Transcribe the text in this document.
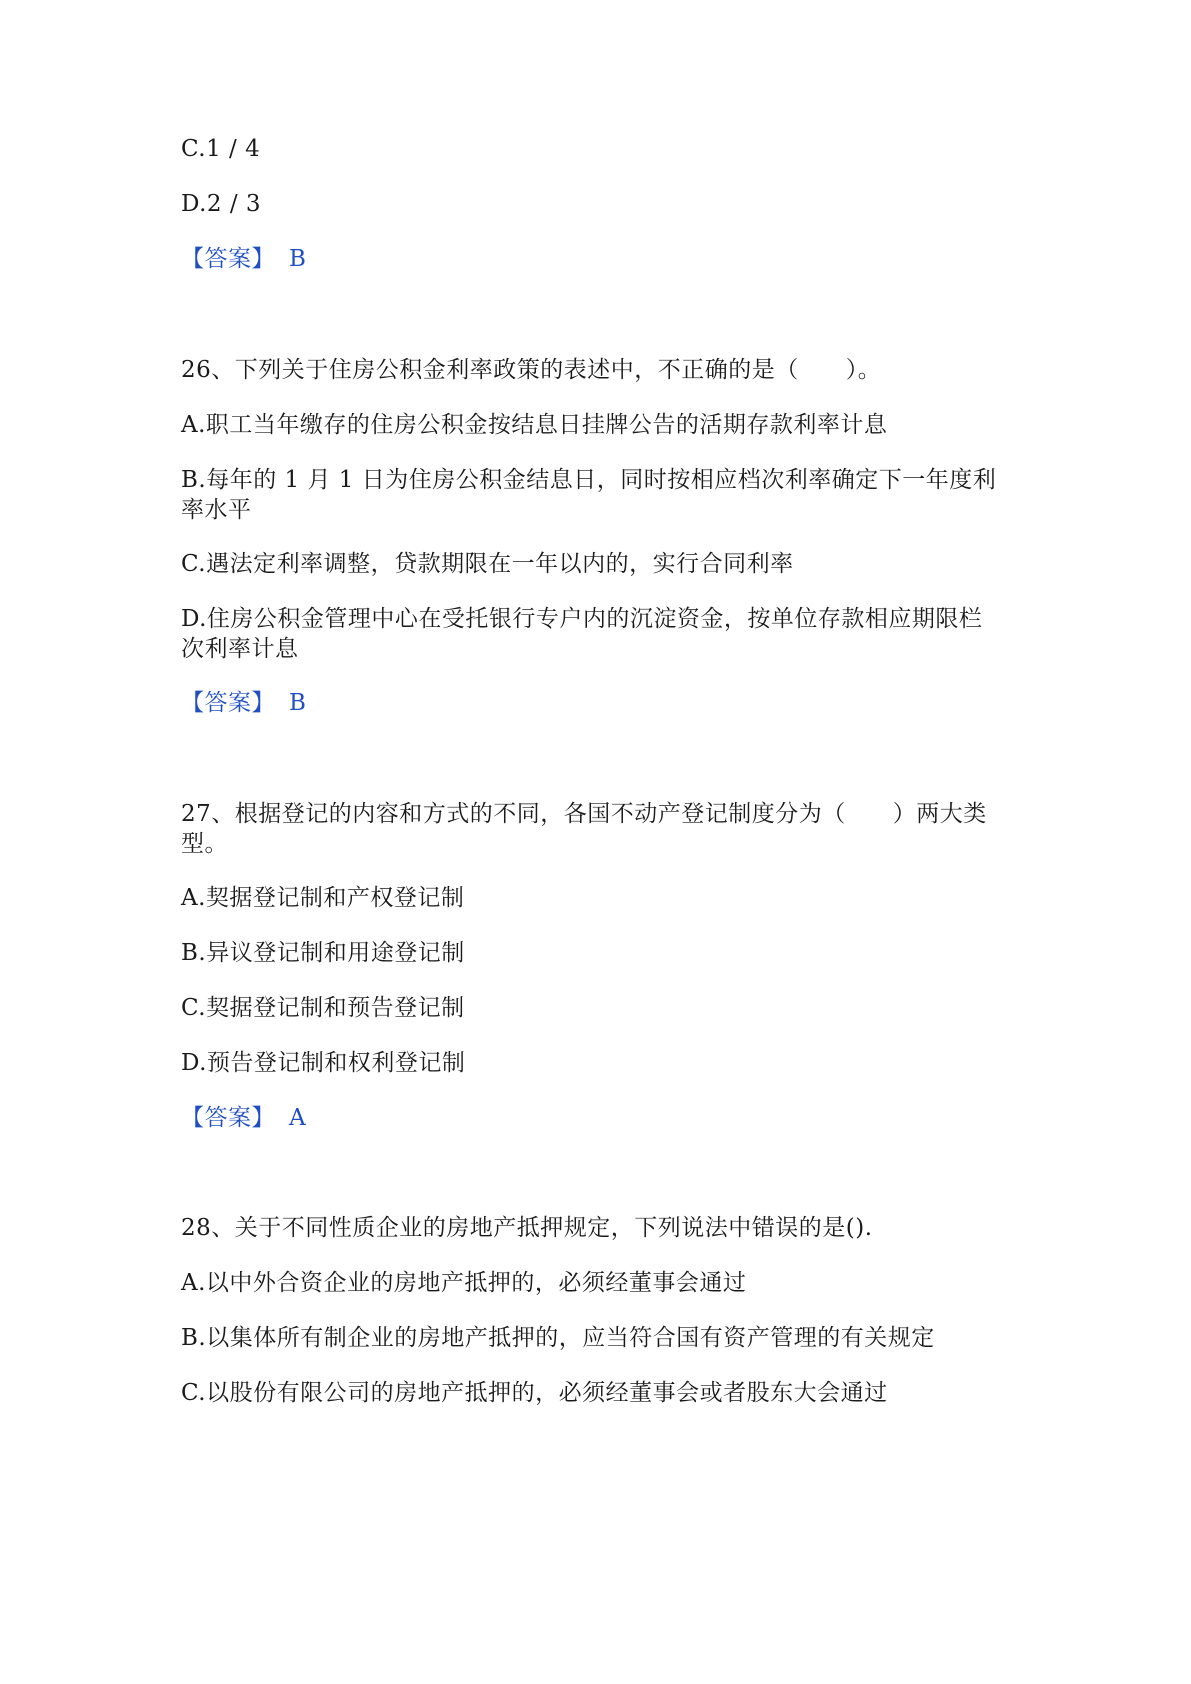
C.1 / 4
D.2 / 3
【答案】 B
26、下列关于住房公积金利率政策的表述中，不正确的是（　　）。
A.职工当年缴存的住房公积金按结息日挂牌公告的活期存款利率计息
B.每年的 1 月 1 日为住房公积金结息日，同时按相应档次利率确定下一年度利
率水平
C.遇法定利率调整，贷款期限在一年以内的，实行合同利率
D.住房公积金管理中心在受托银行专户内的沉淀资金，按单位存款相应期限栏
次利率计息
【答案】 B
27、根据登记的内容和方式的不同，各国不动产登记制度分为（　　）两大类
型。
A.契据登记制和产权登记制
B.异议登记制和用途登记制
C.契据登记制和预告登记制
D.预告登记制和权利登记制
【答案】 A
28、关于不同性质企业的房地产抵押规定，下列说法中错误的是().
A.以中外合资企业的房地产抵押的，必须经董事会通过
B.以集体所有制企业的房地产抵押的，应当符合国有资产管理的有关规定
C.以股份有限公司的房地产抵押的，必须经董事会或者股东大会通过
